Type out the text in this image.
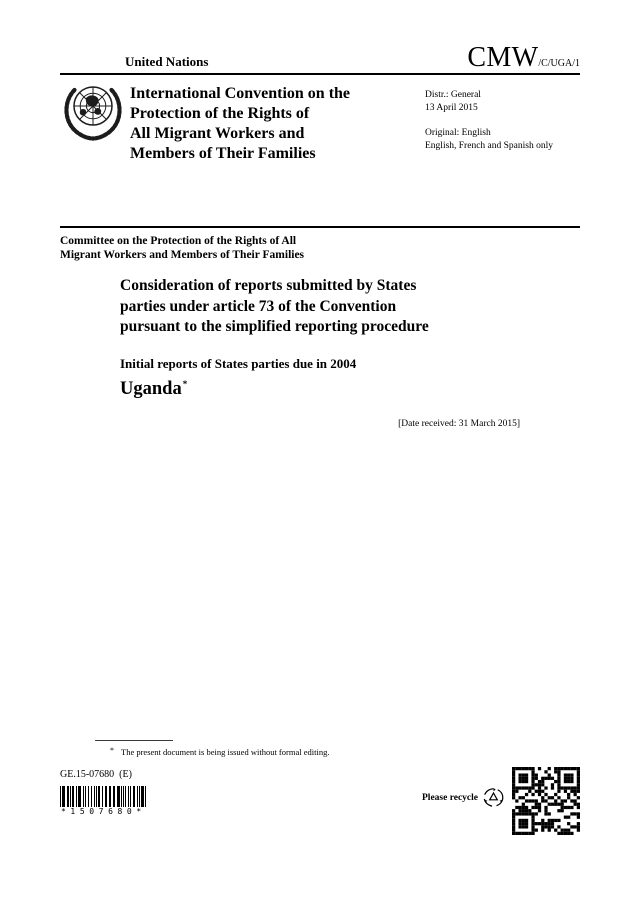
United Nations	CMW /C/UGA/1
International Convention on the
Protection of the Rights of
All Migrant Workers and
Members of Their Families
Distr.: General
13 April 2015
Original: English
English, French and Spanish only
Committee on the Protection of the Rights of All
Migrant Workers and Members of Their Families
Consideration of reports submitted by States
parties under article 73 of the Convention
pursuant to the simplified reporting procedure
Initial reports of States parties due in 2004
Uganda*
[Date received: 31 March 2015]
* The present document is being issued without formal editing.
GE.15-07680  (E)
*1507680*
Please recycle
